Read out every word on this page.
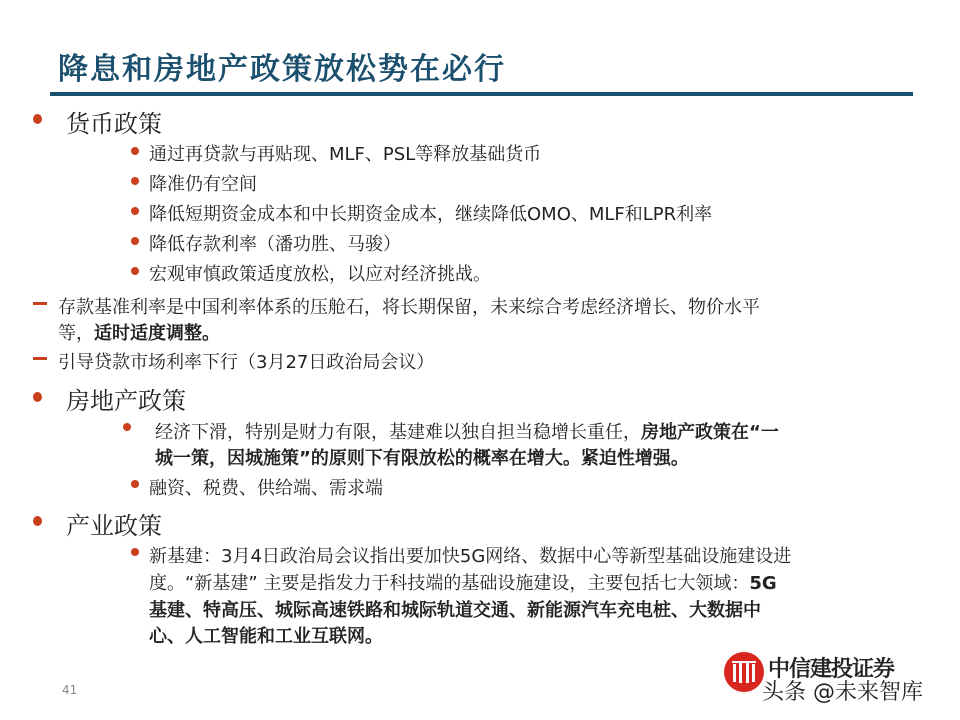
降息和房地产政策放松势在必行
货币政策
通过再贷款与再贴现、MLF、PSL等释放基础货币
降准仍有空间
降低短期资金成本和中长期资金成本，继续降低OMO、MLF和LPR利率
降低存款利率（潘功胜、马骏）
宏观审慎政策适度放松，以应对经济挑战。
存款基准利率是中国利率体系的压舱石，将长期保留，未来综合考虑经济增长、物价水平
等，适时适度调整。
引导贷款市场利率下行（3月27日政治局会议）
房地产政策
经济下滑，特别是财力有限，基建难以独自担当稳增长重任，房地产政策在“一
城一策，因城施策”的原则下有限放松的概率在增大。紧迫性增强。
融资、税费、供给端、需求端
产业政策
新基建：3月4日政治局会议指出要加快5G网络、数据中心等新型基础设施建设进
度。“新基建” 主要是指发力于科技端的基础设施建设，主要包括七大领域：5G
基建、特高压、城际高速铁路和城际轨道交通、新能源汽车充电桩、大数据中
心、人工智能和工业互联网。
41
中信建投证券
头条 @未来智库
